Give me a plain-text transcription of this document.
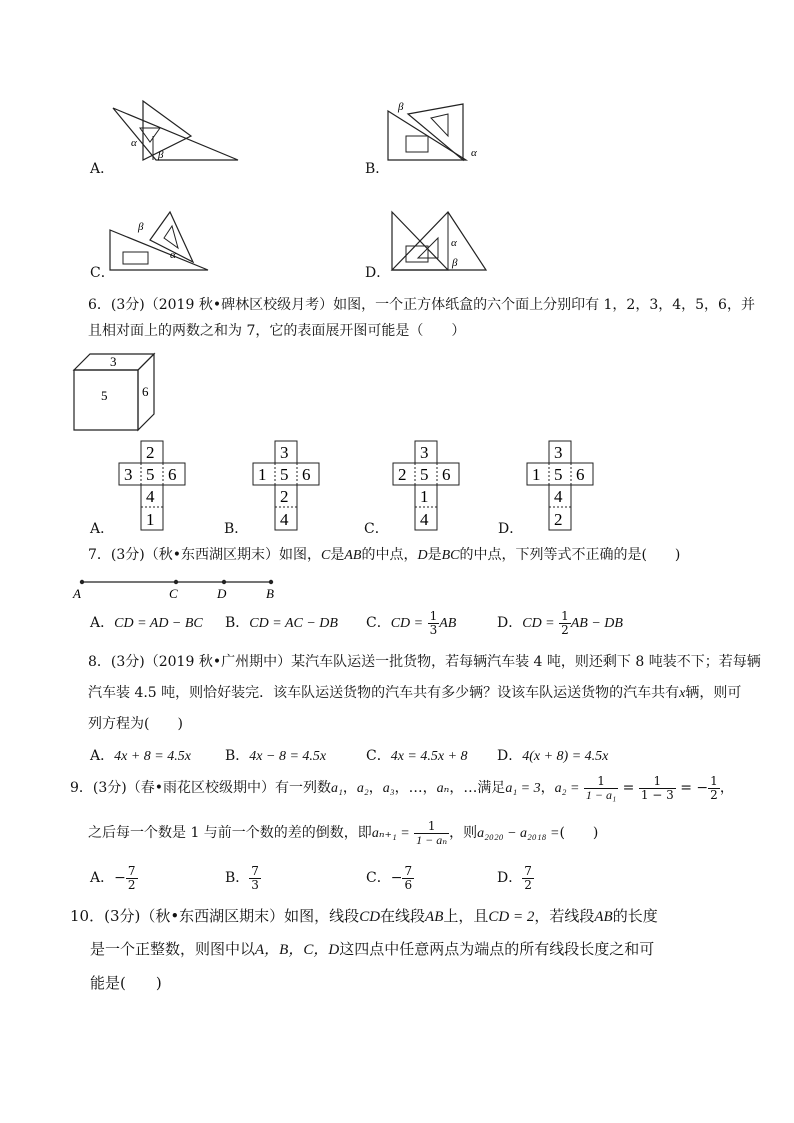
α
β
A．
β
α
B．
β
α
C．
α
β
D．
6．(3分)（2019 秋•碑林区校级月考）如图，一个正方体纸盒的六个面上分别印有 1，2，3，4，5，6，并
且相对面上的两数之和为 7，它的表面展开图可能是（　　）
3
5	6
A．
2
3 5 6
4
1	B．
3
1 5 6
2
4	C．
3
2 5 6
1
4	D．
3
1 5 6
4
2
7．(3分)（秋•东西湖区期末）如图，C是AB的中点，D是BC的中点，下列等式不正确的是(　　)
A	C	D	B
A．CD = AD − BC B．CD = AC − DB C．CD = $\frac{1}{3}$ AB	D．CD = $\frac{1}{2}$ AB − DB
8．(3分)（2019 秋•广州期中）某汽车队运送一批货物，若每辆汽车装 4 吨，则还剩下 8 吨装不下；若每辆
汽车装 4.5 吨，则恰好装完．该车队运送货物的汽车共有多少辆？设该车队运送货物的汽车共有x辆，则可
列方程为(　　)
A．4x + 8 = 4.5x B．4x − 8 = 4.5x	C．4x = 4.5x + 8 D．4(x + 8) = 4.5x
9．(3分)（春•雨花区校级期中）有一列数a₁，a₂，a₃，…，aₙ，…满足a₁ = 3，$a_2 = \frac{1}{\text{1 − a₁}} = \frac{1}{1 - 3}$ = − $\frac{1}{2}$ ，
之后每一个数是 1 与前一个数的差的倒数，即$a_{n+1} = \frac{1}{\text{1 − aₙ}}$ ，则a₂₀₂₀ − a₂₀₁₈ =(　　)
A．− $\frac{7}{2}$	B． $\frac{7}{3}$	C．− $\frac{7}{6}$	D． $\frac{7}{2}$
10．(3分)（秋•东西湖区期末）如图，线段CD在线段AB上，且CD = 2，若线段AB的长度
是一个正整数，则图中以A，B，C，D这四点中任意两点为端点的所有线段长度之和可
能是(　　)
